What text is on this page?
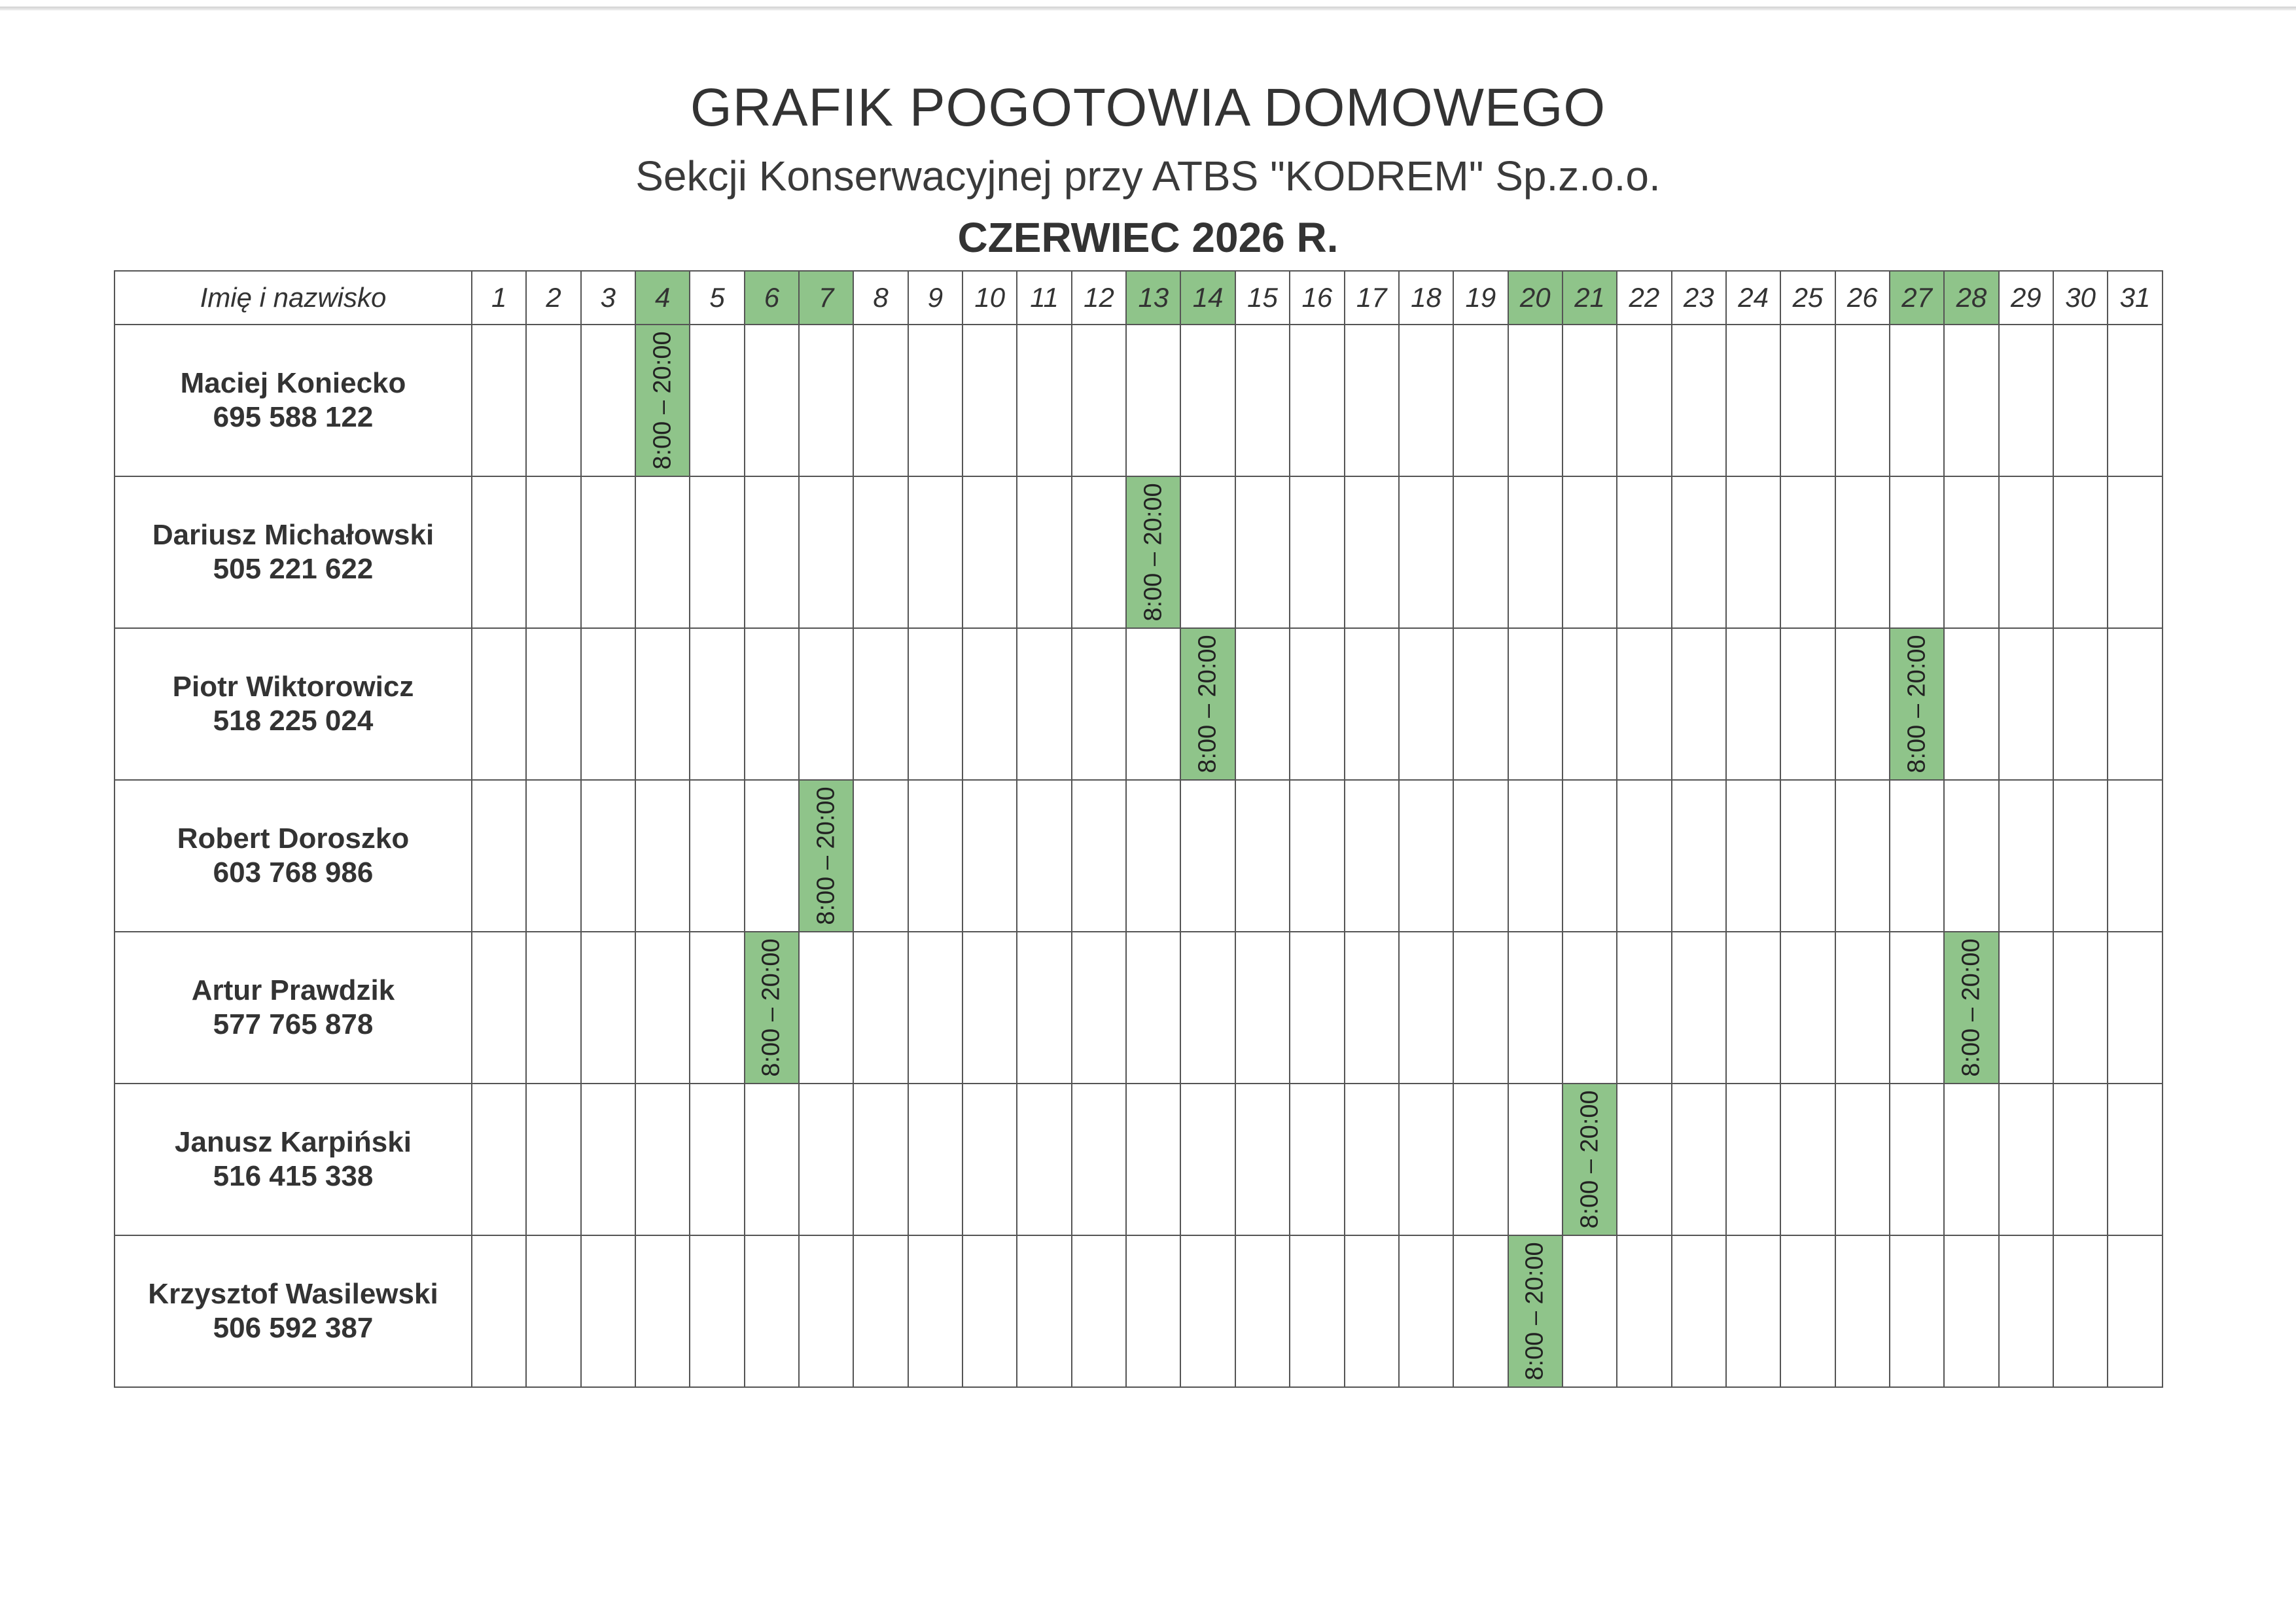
GRAFIK POGOTOWIA DOMOWEGO
Sekcji Konserwacyjnej przy ATBS "KODREM" Sp.z.o.o.
CZERWIEC 2026 R.
Imię i nazwisko	1	2	3	4	5	6	7	8	9	10	11	12	13	14	15	16	17	18	19	20	21	22	23	24	25	26	27	28	29	30	31

Maciej Koniecko
695 588 122				8:00 – 20:00																											

Dariusz Michałowski
505 221 622													8:00 – 20:00																		

Piotr Wiktorowicz
518 225 024														8:00 – 20:00													8:00 – 20:00				

Robert Doroszko
603 768 986							8:00 – 20:00																								

Artur Prawdzik
577 765 878						8:00 – 20:00																						8:00 – 20:00			

Janusz Karpiński
516 415 338																					8:00 – 20:00										

Krzysztof Wasilewski
506 592 387																				8:00 – 20:00											
